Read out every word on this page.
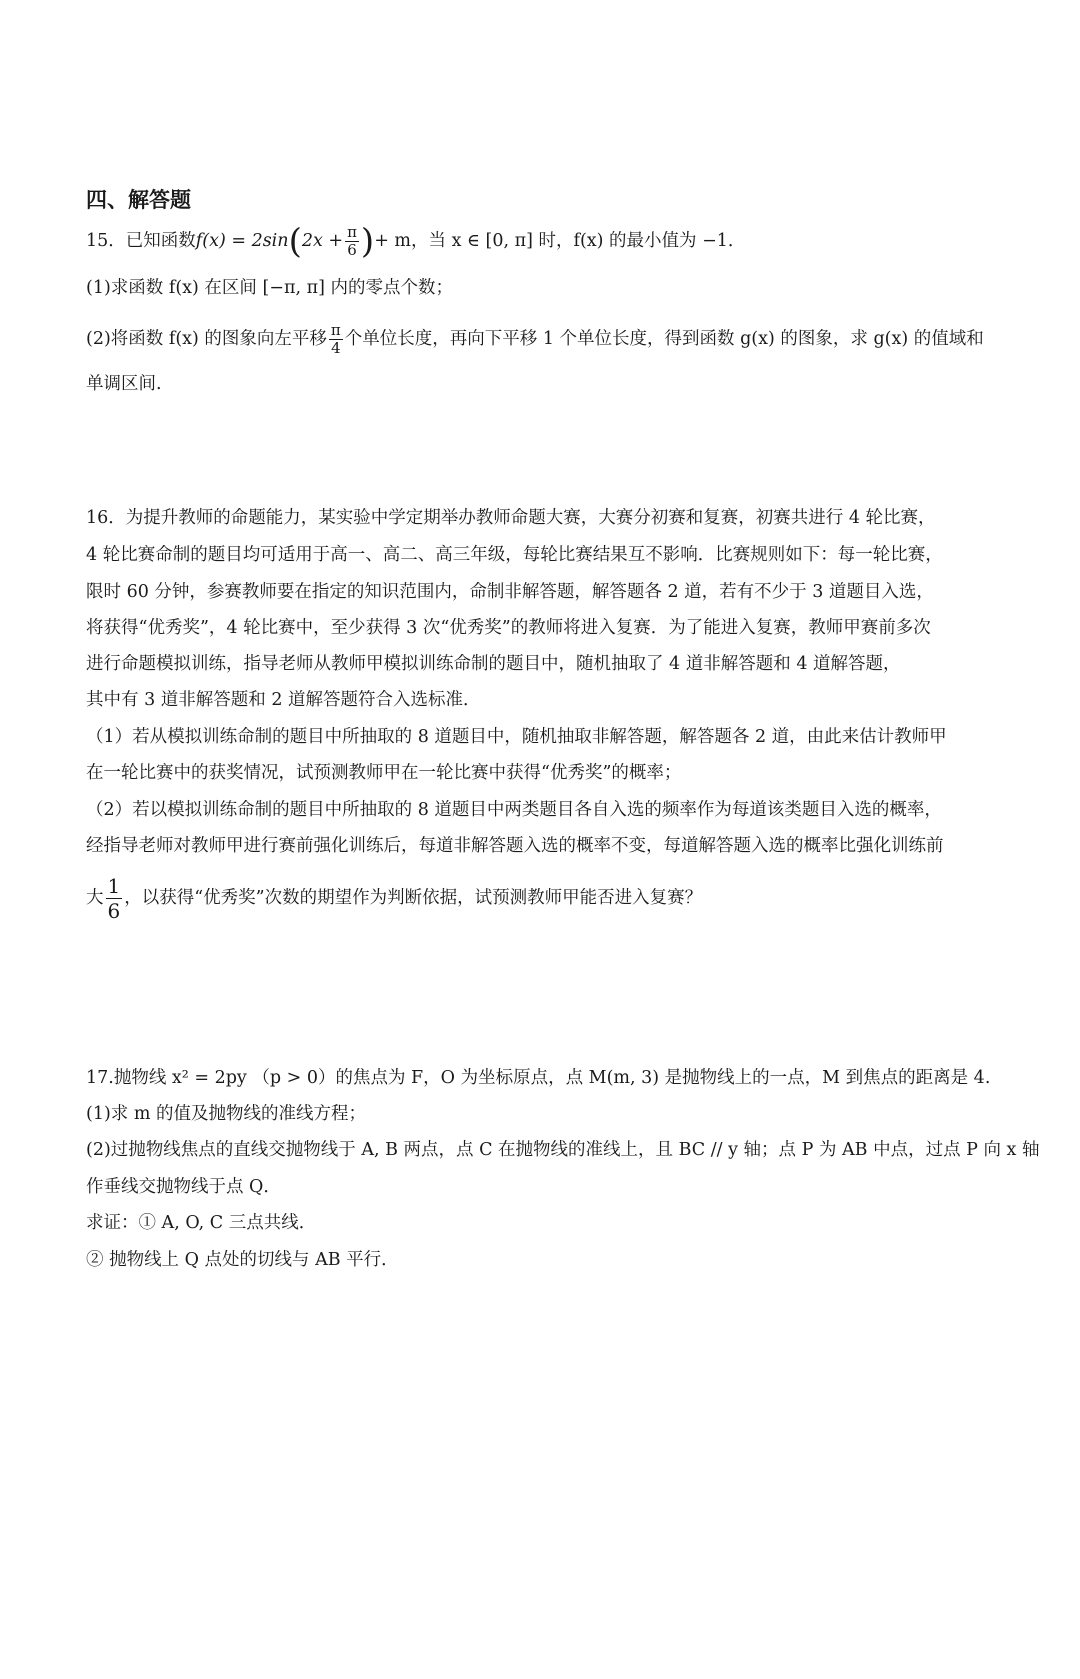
四、解答题
15．已知函数$f(x) = 2\sin(2x + \frac{\pi}{6}$ )+ m，当 x ∈ [0, π] 时，f(x) 的最小值为 −1．
(1)求函数 f(x) 在区间 [−π, π] 内的零点个数；
(2)将函数 f(x) 的图象向左平移 $\frac{\pi}{4}$ 个单位长度，再向下平移 1 个单位长度，得到函数 g(x) 的图象，求 g(x) 的值域和
单调区间.
16．为提升教师的命题能力，某实验中学定期举办教师命题大赛，大赛分初赛和复赛，初赛共进行 4 轮比赛，
4 轮比赛命制的题目均可适用于高一、高二、高三年级，每轮比赛结果互不影响．比赛规则如下：每一轮比赛，
限时 60 分钟，参赛教师要在指定的知识范围内，命制非解答题，解答题各 2 道，若有不少于 3 道题目入选，
将获得“优秀奖”，4 轮比赛中，至少获得 3 次“优秀奖”的教师将进入复赛．为了能进入复赛，教师甲赛前多次
进行命题模拟训练，指导老师从教师甲模拟训练命制的题目中，随机抽取了 4 道非解答题和 4 道解答题，
其中有 3 道非解答题和 2 道解答题符合入选标准．
（1）若从模拟训练命制的题目中所抽取的 8 道题目中，随机抽取非解答题，解答题各 2 道，由此来估计教师甲
在一轮比赛中的获奖情况，试预测教师甲在一轮比赛中获得“优秀奖”的概率；
（2）若以模拟训练命制的题目中所抽取的 8 道题目中两类题目各自入选的频率作为每道该类题目入选的概率，
经指导老师对教师甲进行赛前强化训练后，每道非解答题入选的概率不变，每道解答题入选的概率比强化训练前
大 $\frac{1}{6}$ ，以获得“优秀奖”次数的期望作为判断依据，试预测教师甲能否进入复赛？
17.抛物线 x² = 2py （p > 0）的焦点为 F，O 为坐标原点，点 M(m, 3) 是抛物线上的一点，M 到焦点的距离是 4.
(1)求 m 的值及抛物线的准线方程；
(2)过抛物线焦点的直线交抛物线于 A, B 两点，点 C 在抛物线的准线上，且 BC // y 轴；点 P 为 AB 中点，过点 P 向 x 轴
作垂线交抛物线于点 Q．
求证：① A, O, C 三点共线．
② 抛物线上 Q 点处的切线与 AB 平行．
